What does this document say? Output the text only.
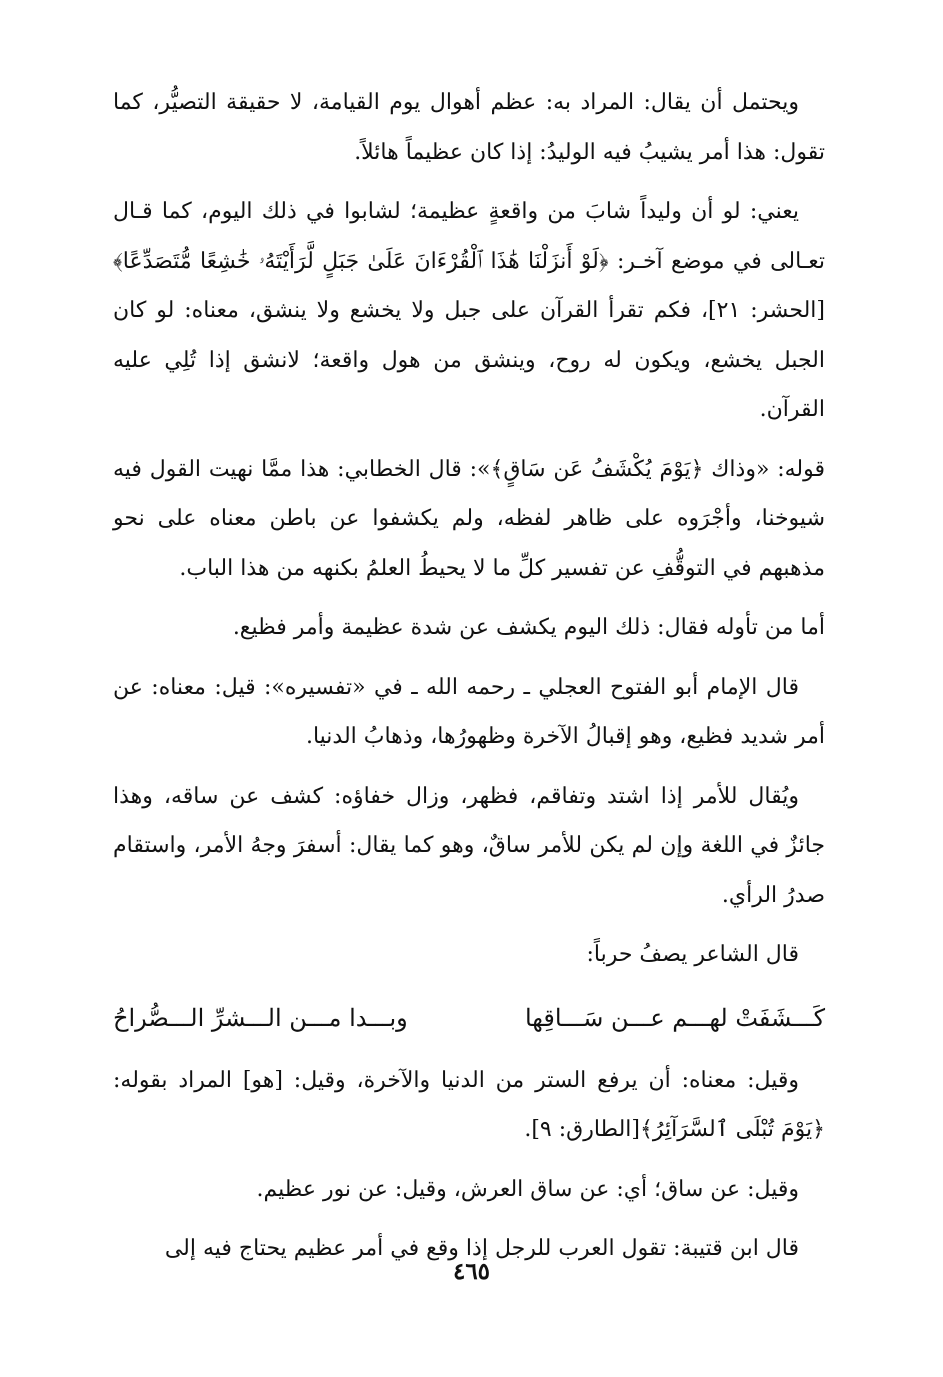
ويحتمل أن يقال: المراد به: عظم أهوال يوم القيامة، لا حقيقة التصيُّر، كما تقول: هذا أمر يشيبُ فيه الوليدُ: إذا كان عظيماً هائلاً.

يعني: لو أن وليداً شابَ من واقعةٍ عظيمة؛ لشابوا في ذلك اليوم، كما قـال تعـالى في موضع آخـر: ﴿لَوْ أَنزَلْنَا هَٰذَا ٱلْقُرْءَانَ عَلَىٰ جَبَلٍ لَّرَأَيْتَهُۥ خَٰشِعًا مُّتَصَدِّعًا﴾[الحشر: ٢١]، فكم تقرأ القرآن على جبل ولا يخشع ولا ينشق، معناه: لو كان الجبل يخشع، ويكون له روح، وينشق من هول واقعة؛ لانشق إذا تُلِي عليه القرآن.

قوله: «وذاك ﴿يَوْمَ يُكْشَفُ عَن سَاقٍ﴾»: قال الخطابي: هذا ممَّا نهيت القول فيه شيوخنا، وأجْرَوه على ظاهر لفظه، ولم يكشفوا عن باطن معناه على نحو مذهبهم في التوقُّفِ عن تفسير كلِّ ما لا يحيطُ العلمُ بكنهه من هذا الباب.

أما من تأوله فقال: ذلك اليوم يكشف عن شدة عظيمة وأمر فظيع.

قال الإمام أبو الفتوح العجلي ـ رحمه الله ـ في «تفسيره»: قيل: معناه: عن أمر شديد فظيع، وهو إقبالُ الآخرة وظهورُها، وذهابُ الدنيا.

ويُقال للأمر إذا اشتد وتفاقم، فظهر، وزال خفاؤه: كشف عن ساقه، وهذا جائزٌ في اللغة وإن لم يكن للأمر ساقٌ، وهو كما يقال: أسفرَ وجهُ الأمر، واستقام صدرُ الرأي.

قال الشاعر يصفُ حرباً:

كَـــشَفَتْ لهـــم عـــن سَـــاقِها
وبـــدا مـــن الـــشرِّ الـــصُّراحُ

وقيل: معناه: أن يرفع الستر من الدنيا والآخرة، وقيل: [هو] المراد بقوله: ﴿يَوْمَ تُبْلَى ٱلسَّرَآئِرُ﴾[الطارق: ٩].

وقيل: عن ساق؛ أي: عن ساق العرش، وقيل: عن نور عظيم.

قال ابن قتيبة: تقول العرب للرجل إذا وقع في أمر عظيم يحتاج فيه إلى

٤٦٥
